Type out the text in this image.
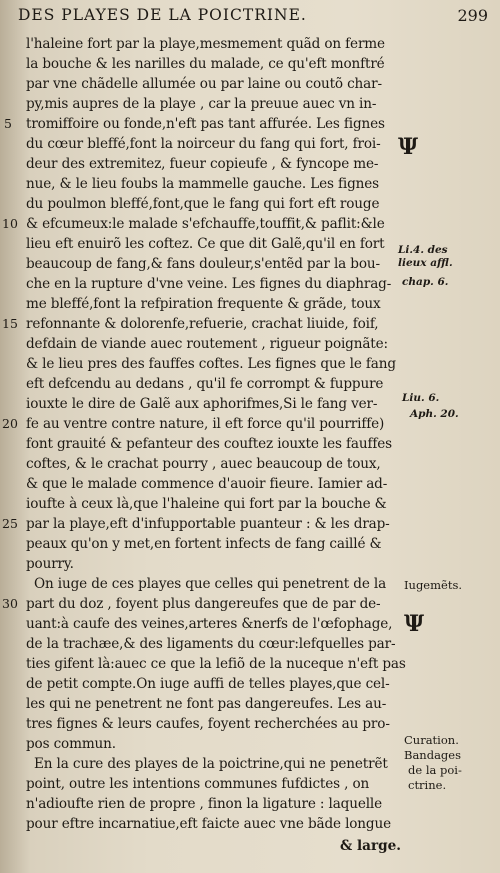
DES PLAYES DE LA POICTRINE.	299
l'haleine fort par la playe,mesmement quãd on ferme
la bouche & les narilles du malade, ce qu'eft monftré
par vne chãdelle allumée ou par laine ou coutõ char-
py,mis aupres de la playe , car la preuue auec vn in-
tromiffoire ou fonde,n'eft pas tant affurée. Les fignes
du cœur bleffé,font la noirceur du fang qui fort, froi-
deur des extremitez, fueur copieufe , & fyncope me-
nue, & le lieu foubs la mammelle gauche. Les fignes
du poulmon bleffé,font,que le fang qui fort eft rouge
& efcumeux:le malade s'efchauffe,touffit,& paflit:&le
lieu eft enuirõ les coftez. Ce que dit Galẽ,qu'il en fort
beaucoup de fang,& fans douleur,s'entẽd par la bou-
che en la rupture d'vne veine. Les fignes du diaphrag-
me bleffé,font la refpiration frequente & grãde, toux
refonnante & dolorenfe,refuerie, crachat liuide, foif,
defdain de viande auec routement , rigueur poignãte:
& le lieu pres des fauffes coftes. Les fignes que le fang
eft defcendu au dedans , qu'il fe corrompt & fuppure
iouxte le dire de Galẽ aux aphorifmes,Si le fang ver-
fe au ventre contre nature, il eft force qu'il pourriffe)
font grauité & pefanteur des couftez iouxte les fauffes
coftes, & le crachat pourry , auec beaucoup de toux,
& que le malade commence d'auoir fieure. Iamier ad-
ioufte à ceux là,que l'haleine qui fort par la bouche &
par la playe,eft d'infupportable puanteur : & les drap-
peaux qu'on y met,en fortent infects de fang caillé &
pourry.
On iuge de ces playes que celles qui penetrent de la
part du doz , foyent plus dangereufes que de par de-
uant:à caufe des veines,arteres &nerfs de l'œfophage,
de la trachæe,& des ligaments du cœur:lefquelles par-
ties gifent là:auec ce que la lefiõ de la nuceque n'eft pas
de petit compte.On iuge auffi de telles playes,que cel-
les qui ne penetrent ne font pas dangereufes. Les au-
tres fignes & leurs caufes, foyent recherchées au pro-
pos commun.
En la cure des playes de la poictrine,qui ne penetrẽt
point, outre les intentions communes fufdictes , on
n'adioufte rien de propre , finon la ligature : laquelle
pour eftre incarnatiue,eft faicte auec vne bãde longue
5
10
15
20
25
30
Li.4. des
lieux affl.
chap. 6.
Liu. 6.
Aph. 20.
Iugemẽts.
Curation.
Bandages
de la poi-
ctrine.
Ψ
Ψ
& large.
